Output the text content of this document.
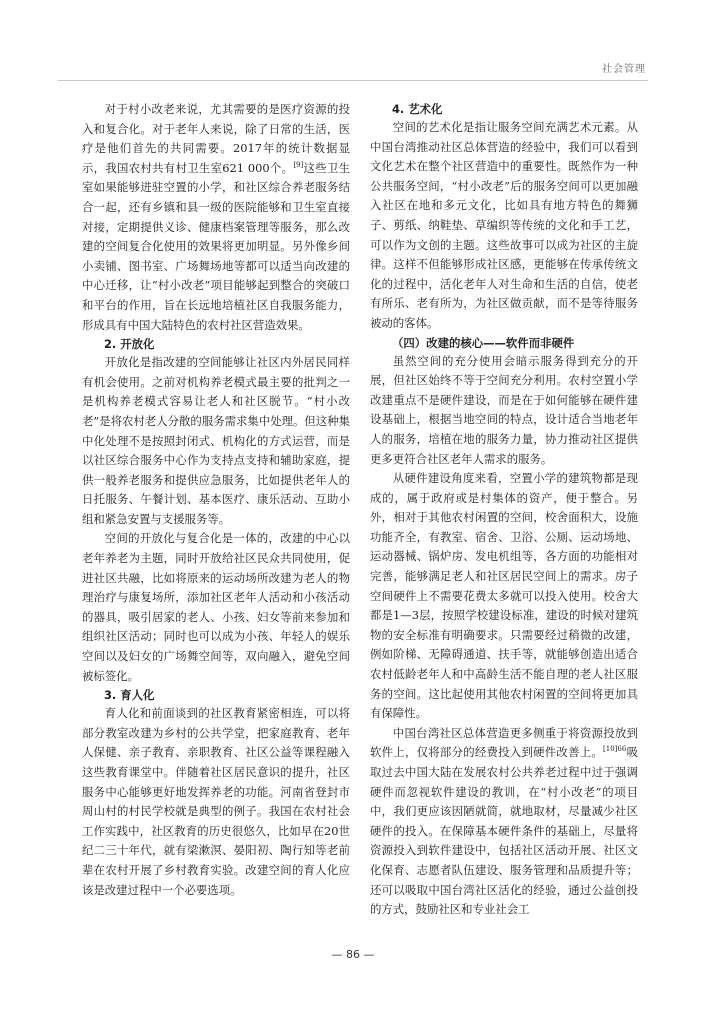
社会管理

对于村小改老来说，尤其需要的是医疗资源的投入和复合化。对于老年人来说，除了日常的生活，医疗是他们首先的共同需要。2017年的统计数据显示，我国农村共有村卫生室621 000个。[9]这些卫生室如果能够进驻空置的小学，和社区综合养老服务结合一起，还有乡镇和县一级的医院能够和卫生室直接对接，定期提供义诊、健康档案管理等服务，那么改建的空间复合化使用的效果将更加明显。另外像乡间小卖铺、图书室、广场舞场地等都可以适当向改建的中心迁移，让“村小改老”项目能够起到整合的突破口和平台的作用，旨在长远地培植社区自我服务能力，形成具有中国大陆特色的农村社区营造效果。

2. 开放化

开放化是指改建的空间能够让社区内外居民同样有机会使用。之前对机构养老模式最主要的批判之一是机构养老模式容易让老人和社区脱节。“村小改老”是将农村老人分散的服务需求集中处理。但这种集中化处理不是按照封闭式、机构化的方式运营，而是以社区综合服务中心作为支持点支持和辅助家庭，提供一般养老服务和提供应急服务，比如提供老年人的日托服务、午餐计划、基本医疗、康乐活动、互助小组和紧急安置与支援服务等。

空间的开放化与复合化是一体的，改建的中心以老年养老为主题，同时开放给社区民众共同使用，促进社区共融，比如将原来的运动场所改建为老人的物理治疗与康复场所，添加社区老年人活动和小孩活动的器具，吸引居家的老人、小孩、妇女等前来参加和组织社区活动；同时也可以成为小孩、年轻人的娱乐空间以及妇女的广场舞空间等，双向融入，避免空间被标签化。

3. 育人化

育人化和前面谈到的社区教育紧密相连，可以将部分教室改建为乡村的公共学堂，把家庭教育、老年人保健、亲子教育、亲职教育、社区公益等课程融入这些教育课堂中。伴随着社区居民意识的提升，社区服务中心能够更好地发挥养老的功能。河南省登封市周山村的村民学校就是典型的例子。我国在农村社会工作实践中，社区教育的历史很悠久，比如早在20世纪二三十年代，就有梁漱溟、晏阳初、陶行知等老前辈在农村开展了乡村教育实验。改建空间的育人化应该是改建过程中一个必要选项。

4. 艺术化

空间的艺术化是指让服务空间充满艺术元素。从中国台湾推动社区总体营造的经验中，我们可以看到文化艺术在整个社区营造中的重要性。既然作为一种公共服务空间，“村小改老”后的服务空间可以更加融入社区在地和多元文化，比如具有地方特色的舞狮子、剪纸、纳鞋垫、草编织等传统的文化和手工艺，可以作为文创的主题。这些故事可以成为社区的主旋律。这样不但能够形成社区感，更能够在传承传统文化的过程中，活化老年人对生命和生活的自信，使老有所乐、老有所为，为社区做贡献，而不是等待服务被动的客体。

（四）改建的核心——软件而非硬件

虽然空间的充分使用会暗示服务得到充分的开展，但社区始终不等于空间充分利用。农村空置小学改建重点不是硬件建设，而是在于如何能够在硬件建设基础上，根据当地空间的特点，设计适合当地老年人的服务，培植在地的服务力量，协力推动社区提供更多更符合社区老年人需求的服务。

从硬件建设角度来看，空置小学的建筑物都是现成的，属于政府或是村集体的资产，便于整合。另外，相对于其他农村闲置的空间，校舍面积大，设施功能齐全，有教室、宿舍、卫浴、公厕、运动场地、运动器械、锅炉房、发电机组等，各方面的功能相对完善，能够满足老人和社区居民空间上的需求。房子空间硬件上不需要花费太多就可以投入使用。校舍大都是1—3层，按照学校建设标准，建设的时候对建筑物的安全标准有明确要求。只需要经过稍微的改建，例如阶梯、无障碍通道、扶手等，就能够创造出适合农村低龄老年人和中高龄生活不能自理的老人社区服务的空间。这比起使用其他农村闲置的空间将更加具有保障性。

中国台湾社区总体营造更多侧重于将资源投放到软件上，仅将部分的经费投入到硬件改善上。$^{[10]66}$吸取过去中国大陆在发展农村公共养老过程中过于强调硬件而忽视软件建设的教训，在“村小改老”的项目中，我们更应该因陋就简，就地取材，尽量减少社区硬件的投入。在保障基本硬件条件的基础上，尽量将资源投入到软件建设中，包括社区活动开展、社区文化保育、志愿者队伍建设、服务管理和品质提升等；还可以吸取中国台湾社区活化的经验，通过公益创投的方式，鼓励社区和专业社会工

— 86 —
